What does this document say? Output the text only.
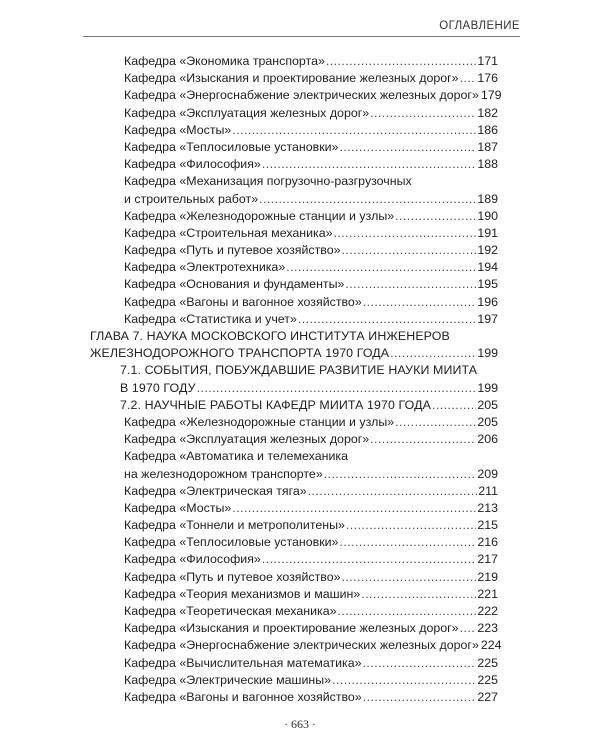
ОГЛАВЛЕНИЕ
Кафедра «Экономика транспорта» . . .	171
Кафедра «Изыскания и проектирование железных дорог» . . . 176
Кафедра «Энергоснабжение электрических железных дорог» 179
Кафедра «Эксплуатация железных дорог» . . .	182
Кафедра «Мосты» . . .	186
Кафедра «Теплосиловые установки» . . .	187
Кафедра «Философия» . . .	188
Кафедра «Механизация погрузочно-разгрузочных
и строительных работ» . . .	189
Кафедра «Железнодорожные станции и узлы» . . .	190
Кафедра «Строительная механика» . . .	191
Кафедра «Путь и путевое хозяйство» . . .	192
Кафедра «Электротехника» . . .	194
Кафедра «Основания и фундаменты» . . .	195
Кафедра «Вагоны и вагонное хозяйство» . . .	196
Кафедра «Статистика и учет» . . .	197
ГЛАВА 7. НАУКА МОСКОВСКОГО ИНСТИТУТА ИНЖЕНЕРОВ
ЖЕЛЕЗНОДОРОЖНОГО ТРАНСПОРТА 1970 ГОДА . . .	199
7.1. СОБЫТИЯ, ПОБУЖДАВШИЕ РАЗВИТИЕ НАУКИ МИИТА
В 1970 ГОДУ . . .	199
7.2. НАУЧНЫЕ РАБОТЫ КАФЕДР МИИТА 1970 ГОДА . . .	205
Кафедра «Железнодорожные станции и узлы» . . .	205
Кафедра «Эксплуатация железных дорог» . . .	206
Кафедра «Автоматика и телемеханика
на железнодорожном транспорте» . . .	209
Кафедра «Электрическая тяга» . . .	211
Кафедра «Мосты» . . .	213
Кафедра «Тоннели и метрополитены» . . .	215
Кафедра «Теплосиловые установки» . . .	216
Кафедра «Философия» . . .	217
Кафедра «Путь и путевое хозяйство» . . .	219
Кафедра «Теория механизмов и машин» . . .	221
Кафедра «Теоретическая механика» . . .	222
Кафедра «Изыскания и проектирование железных дорог» . . . 223
Кафедра «Энергоснабжение электрических железных дорог» 224
Кафедра «Вычислительная математика» . . .	225
Кафедра «Электрические машины» . . .	225
Кафедра «Вагоны и вагонное хозяйство» . . .	227
· 663 ·
